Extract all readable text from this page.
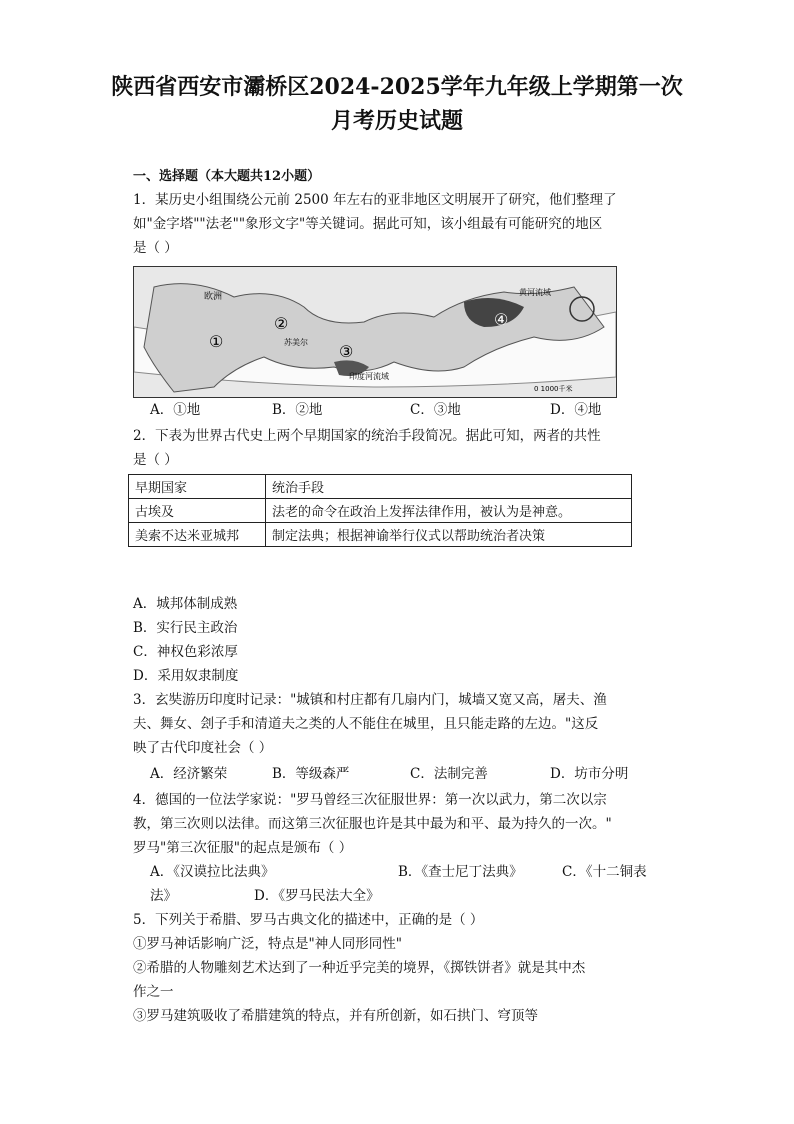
陕西省西安市灞桥区2024-2025学年九年级上学期第一次
月考历史试题
一、选择题（本大题共12小题）
1．某历史小组围绕公元前 2500 年左右的亚非地区文明展开了研究，他们整理了
如"金字塔""法老""象形文字"等关键词。据此可知，该小组最有可能研究的地区
是（ ）
欧洲
①
②
③
④
黄河流域
印度河流域
苏美尔
0 1000千米
A．①地	B．②地	C．③地	D．④地
2．下表为世界古代史上两个早期国家的统治手段简况。据此可知，两者的共性
是（ ）
早期国家	统治手段
古埃及	法老的命令在政治上发挥法律作用，被认为是神意。
美索不达米亚城邦	制定法典；根据神谕举行仪式以帮助统治者决策
A．城邦体制成熟
B．实行民主政治
C．神权色彩浓厚
D．采用奴隶制度
3．玄奘游历印度时记录："城镇和村庄都有几扇内门，城墙又宽又高，屠夫、渔
夫、舞女、刽子手和清道夫之类的人不能住在城里，且只能走路的左边。"这反
映了古代印度社会（ ）
A．经济繁荣	B．等级森严	C．法制完善	D．坊市分明
4．德国的一位法学家说："罗马曾经三次征服世界：第一次以武力，第二次以宗
教，第三次则以法律。而这第三次征服也许是其中最为和平、最为持久的一次。"
罗马"第三次征服"的起点是颁布（ ）
A．《汉谟拉比法典》	B．《查士尼丁法典》	C．《十二铜表
法》	D．《罗马民法大全》
5．下列关于希腊、罗马古典文化的描述中，正确的是（ ）
①罗马神话影响广泛，特点是"神人同形同性"
②希腊的人物雕刻艺术达到了一种近乎完美的境界，《掷铁饼者》就是其中杰
作之一
③罗马建筑吸收了希腊建筑的特点，并有所创新，如石拱门、穹顶等
